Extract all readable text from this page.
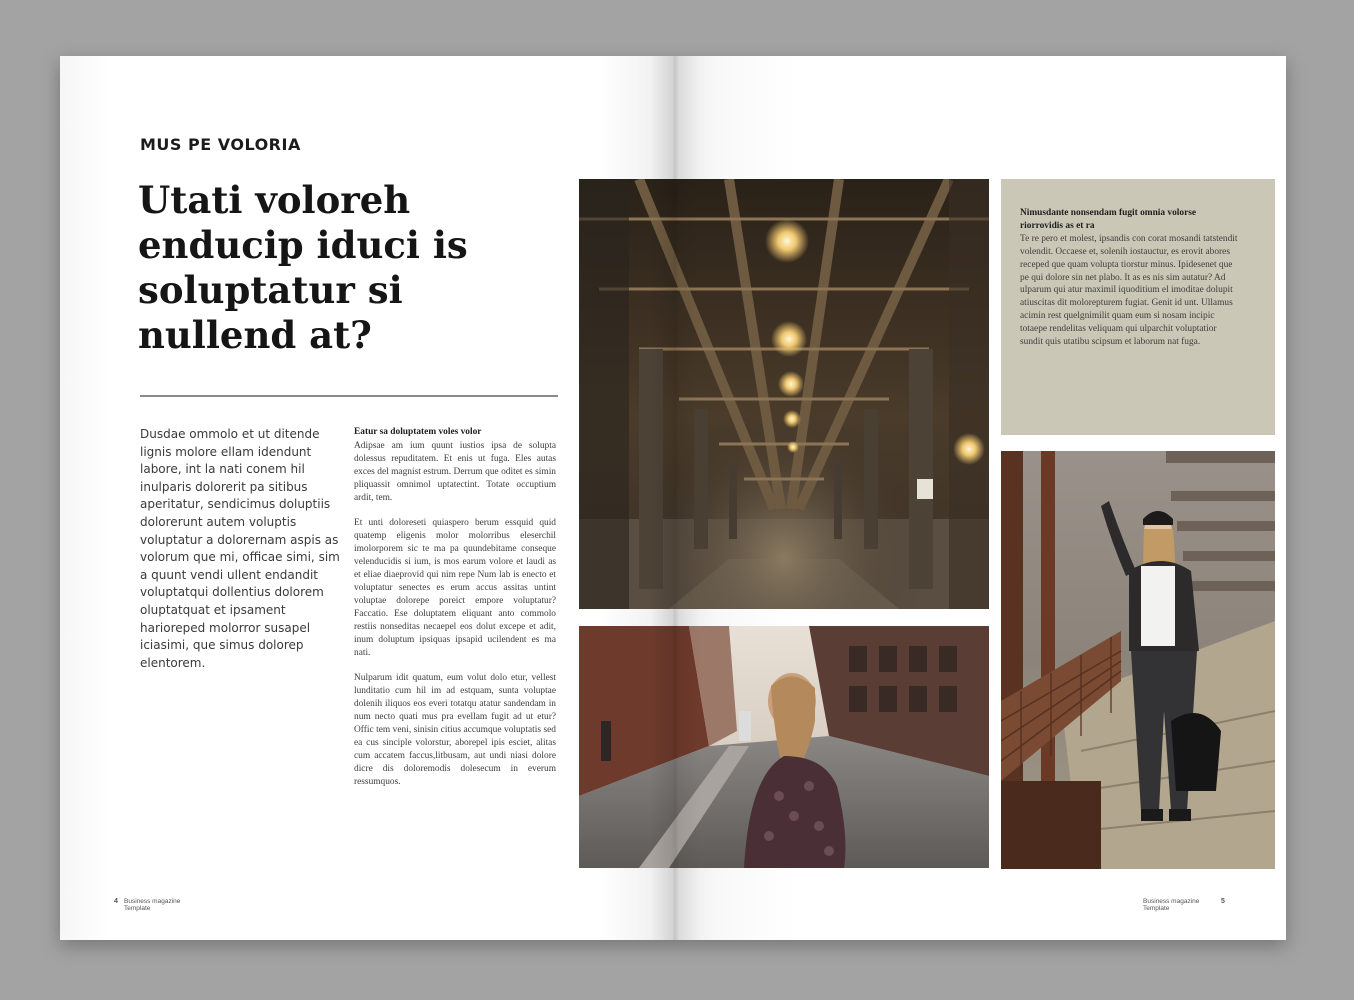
MUS PE VOLORIA
Utati voloreh enducip iduci is soluptatur si nullend at?

Dusdae ommolo et ut ditende lignis molore ellam idendunt labore, int la nati conem hil inulparis dolorerit pa sitibus aperitatur, sendicimus doluptiis dolorerunt autem voluptis voluptatur a dolorernam aspis as volorum que mi, officae simi, sim a quunt vendi ullent endandit voluptatqui dollentius dolorem oluptatquat et ipsament harioreped molorror susapel iciasimi, que simus dolorep elentorem.

Eatur sa doluptatem voles volor

Adipsae am ium quunt iustios ipsa de solupta dolessus repuditatem. Et enis ut fuga. Eles autas exces del magnist estrum. Derrum que oditet es simin pliquassit omnimol uptatectint. Totate occuptium ardit, tem.

Et unti doloreseti quiaspero berum essquid quid quatemp eligenis molor molorribus eleserchil imolorporem sic te ma pa quundebitame conseque velenducidis si ium, is mos earum volore et laudi as et eliae diaeprovid qui nim repe Num lab is enecto et voluptatur senectes es erum accus assitas untint voluptae dolorepe poreict empore voluptatur? Faccatio. Ese doluptatem eliquant anto commolo restiis nonseditas necaepel eos dolut excepe et adit, inum doluptum ipsiquas ipsapid ucilendent es ma nati.

Nulparum idit quatum, eum volut dolo etur, vellest lunditatio cum hil im ad estquam, sunta voluptae dolenih iliquos eos everi totatqu atatur sandendam in num necto quati mus pra evellam fugit ad ut etur? Offic tem veni, sinisin citius accumque voluptatis sed ea cus sinciple volorstur, aborepel ipis esciet, alitas cum accatem faccus,litbusam, aut undi niasi dolore dicre dis doloremodis dolesecum in everum ressumquos.

4 Business magazine Template
Nimusdante nonsendam fugit omnia volorse riorrovidis as et ra
Te re pero et molest, ipsandis con corat mosandi tatstendit volendit. Occaese et, solenih iostauctur, es erovit abores receped que quam volupta tiorstur minus. Ipidesenet que pe qui dolore sin net plabo. It as es nis sim autatur? Ad ulparum qui atur maximil iquoditium el imoditae dolupit atiuscitas dit molorepturem fugiat. Genit id unt. Ullamus acimin rest quelgnimilit quam eum si nosam incipic totaepe rendelitas veliquam qui ulparchit voluptatior sundit quis utatibu scipsum et laborum nat fuga.
Business magazine Template
5
